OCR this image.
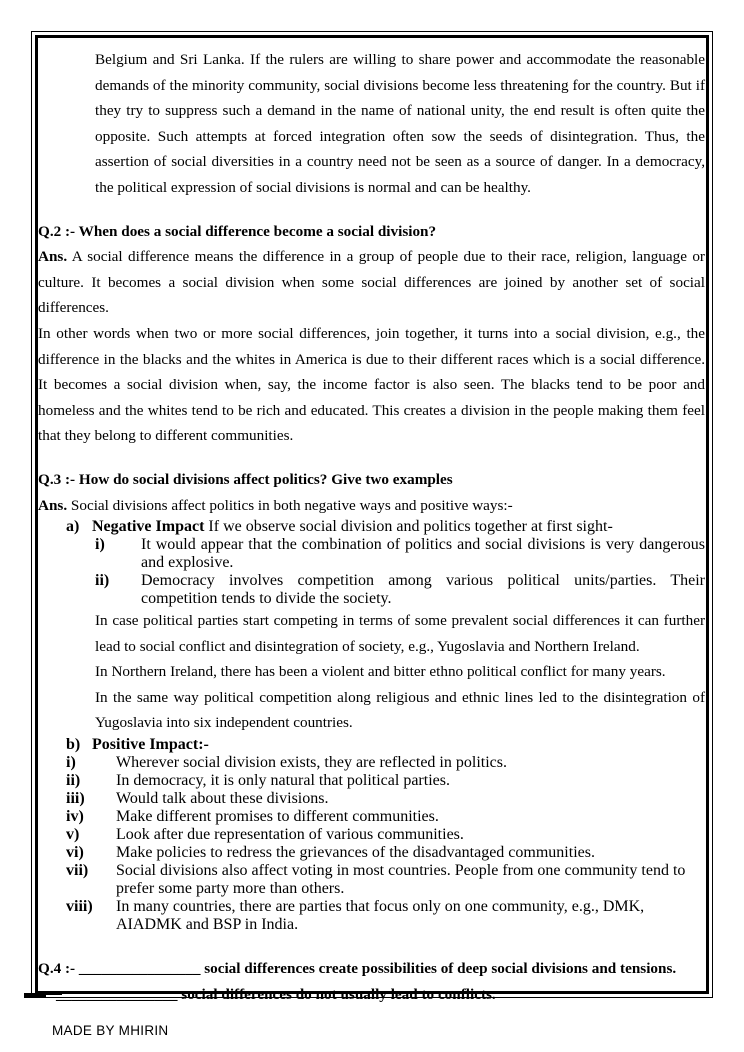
Belgium and Sri Lanka. If the rulers are willing to share power and accommodate the reasonable demands of the minority community, social divisions become less threatening for the country. But if they try to suppress such a demand in the name of national unity, the end result is often quite the opposite. Such attempts at forced integration often sow the seeds of disintegration. Thus, the assertion of social diversities in a country need not be seen as a source of danger. In a democracy, the political expression of social divisions is normal and can be healthy.

Q.2 :- When does a social difference become a social division?

Ans. A social difference means the difference in a group of people due to their race, religion, language or culture. It becomes a social division when some social differences are joined by another set of social differences.

In other words when two or more social differences, join together, it turns into a social division, e.g., the difference in the blacks and the whites in America is due to their different races which is a social difference. It becomes a social division when, say, the income factor is also seen. The blacks tend to be poor and homeless and the whites tend to be rich and educated. This creates a division in the people making them feel that they belong to different communities.

Q.3 :- How do social divisions affect politics? Give two examples

Ans. Social divisions affect politics in both negative ways and positive ways:-

a) Negative Impact If we observe social division and politics together at first sight-
i)	It would appear that the combination of politics and social divisions is very dangerous and explosive.
ii)	Democracy involves competition among various political units/parties. Their competition tends to divide the society.

In case political parties start competing in terms of some prevalent social differences it can further lead to social conflict and disintegration of society, e.g., Yugoslavia and Northern Ireland.

In Northern Ireland, there has been a violent and bitter ethno political conflict for many years.

In the same way political competition along religious and ethnic lines led to the disintegration of Yugoslavia into six independent countries.

b) Positive Impact:-
i)	Wherever social division exists, they are reflected in politics.
ii)	In democracy, it is only natural that political parties.
iii)	Would talk about these divisions.
iv)	Make different promises to different communities.
v)	Look after due representation of various communities.
vi)	Make policies to redress the grievances of the disadvantaged communities.
vii)	Social divisions also affect voting in most countries. People from one community tend to prefer some party more than others.
viii)	In many countries, there are parties that focus only on one community, e.g., DMK, AIADMK and BSP in India.

Q.4 :- ________________ social differences create possibilities of deep social divisions and tensions.

________________ social differences do not usually lead to conflicts.

MADE BY MHIRIN
